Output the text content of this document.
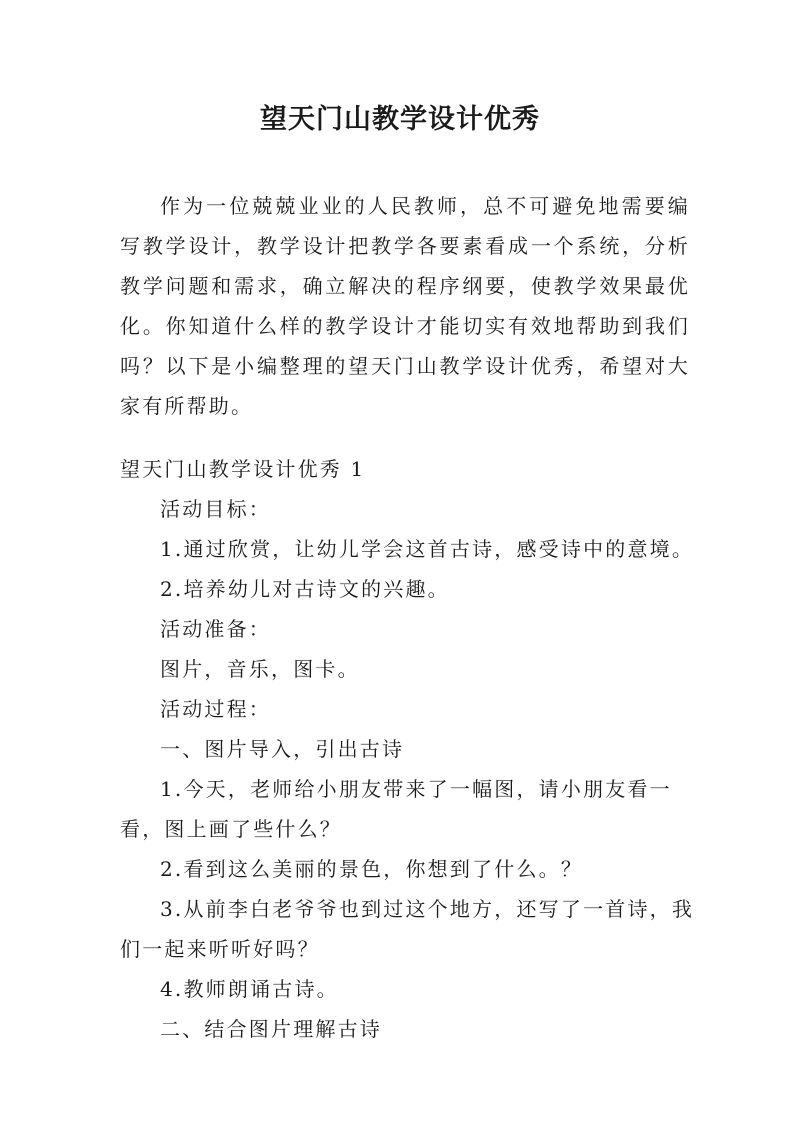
望天门山教学设计优秀

作为一位兢兢业业的人民教师，总不可避免地需要编写教学设计，教学设计把教学各要素看成一个系统，分析教学问题和需求，确立解决的程序纲要，使教学效果最优化。你知道什么样的教学设计才能切实有效地帮助到我们吗？以下是小编整理的望天门山教学设计优秀，希望对大家有所帮助。

望天门山教学设计优秀 1

活动目标：

1.通过欣赏，让幼儿学会这首古诗，感受诗中的意境。

2.培养幼儿对古诗文的兴趣。

活动准备：

图片，音乐，图卡。

活动过程：

一、图片导入，引出古诗

1.今天，老师给小朋友带来了一幅图，请小朋友看一看，图上画了些什么？

2.看到这么美丽的景色，你想到了什么。？

3.从前李白老爷爷也到过这个地方，还写了一首诗，我们一起来听听好吗？

4.教师朗诵古诗。

二、结合图片理解古诗
